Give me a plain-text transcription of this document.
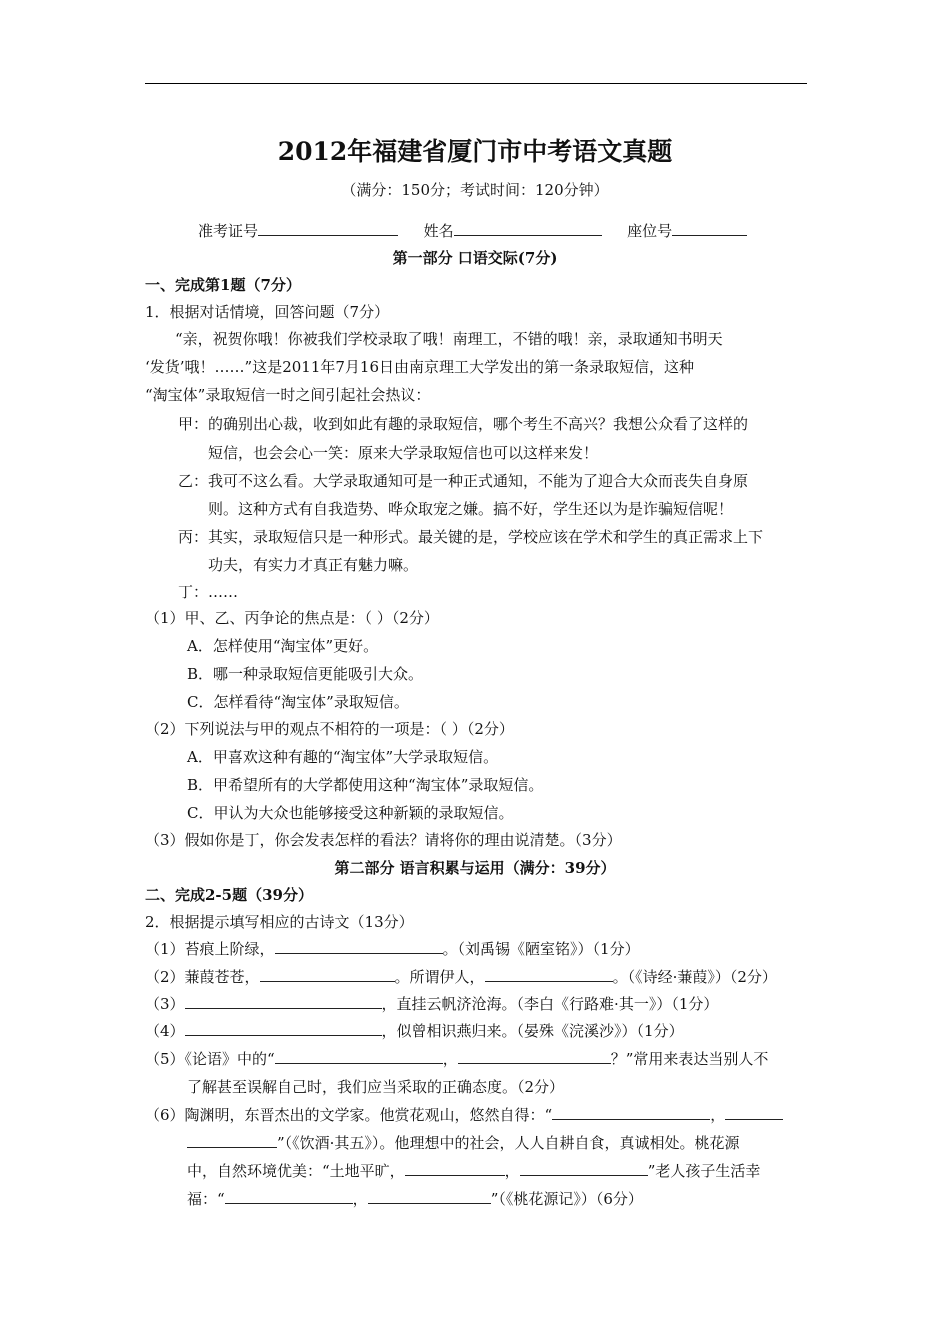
2012年福建省厦门市中考语文真题
（满分：150分；考试时间：120分钟）
准考证号	姓名	座位号
第一部分 口语交际(7分)
一、完成第1题（7分）
1．根据对话情境，回答问题（7分）
“亲，祝贺你哦！你被我们学校录取了哦！南理工，不错的哦！亲，录取通知书明天
‘发货’哦！……”这是2011年7月16日由南京理工大学发出的第一条录取短信，这种
“淘宝体”录取短信一时之间引起社会热议：
甲：的确别出心裁，收到如此有趣的录取短信，哪个考生不高兴？我想公众看了这样的
短信，也会会心一笑：原来大学录取短信也可以这样来发！
乙：我可不这么看。大学录取通知可是一种正式通知，不能为了迎合大众而丧失自身原
则。这种方式有自我造势、哗众取宠之嫌。搞不好，学生还以为是诈骗短信呢！
丙：其实，录取短信只是一种形式。最关键的是，学校应该在学术和学生的真正需求上下
功夫，有实力才真正有魅力嘛。
丁：……
（1）甲、乙、丙争论的焦点是：（ ）（2分）
A．怎样使用“淘宝体”更好。
B．哪一种录取短信更能吸引大众。
C．怎样看待“淘宝体”录取短信。
（2）下列说法与甲的观点不相符的一项是：（ ）（2分）
A．甲喜欢这种有趣的“淘宝体”大学录取短信。
B．甲希望所有的大学都使用这种“淘宝体”录取短信。
C．甲认为大众也能够接受这种新颖的录取短信。
（3）假如你是丁，你会发表怎样的看法？请将你的理由说清楚。（3分）
第二部分 语言积累与运用（满分：39分）
二、完成2-5题（39分）
2．根据提示填写相应的古诗文（13分）
（1）苔痕上阶绿，	。（刘禹锡《陋室铭》）（1分）
（2）蒹葭苍苍，	。所谓伊人，	。（《诗经·蒹葭》）（2分）
（3）	，直挂云帆济沧海。（李白《行路难·其一》）（1分）
（4）	，似曾相识燕归来。（晏殊《浣溪沙》）（1分）
（5）《论语》中的“	，	？”常用来表达当别人不
了解甚至误解自己时，我们应当采取的正确态度。（2分）
（6）陶渊明，东晋杰出的文学家。他赏花观山，悠然自得：“	，
”（《饮酒·其五》）。他理想中的社会，人人自耕自食，真诚相处。桃花源
中，自然环境优美：“土地平旷，	，	”老人孩子生活幸
福：“	，	”（《桃花源记》）（6分）
